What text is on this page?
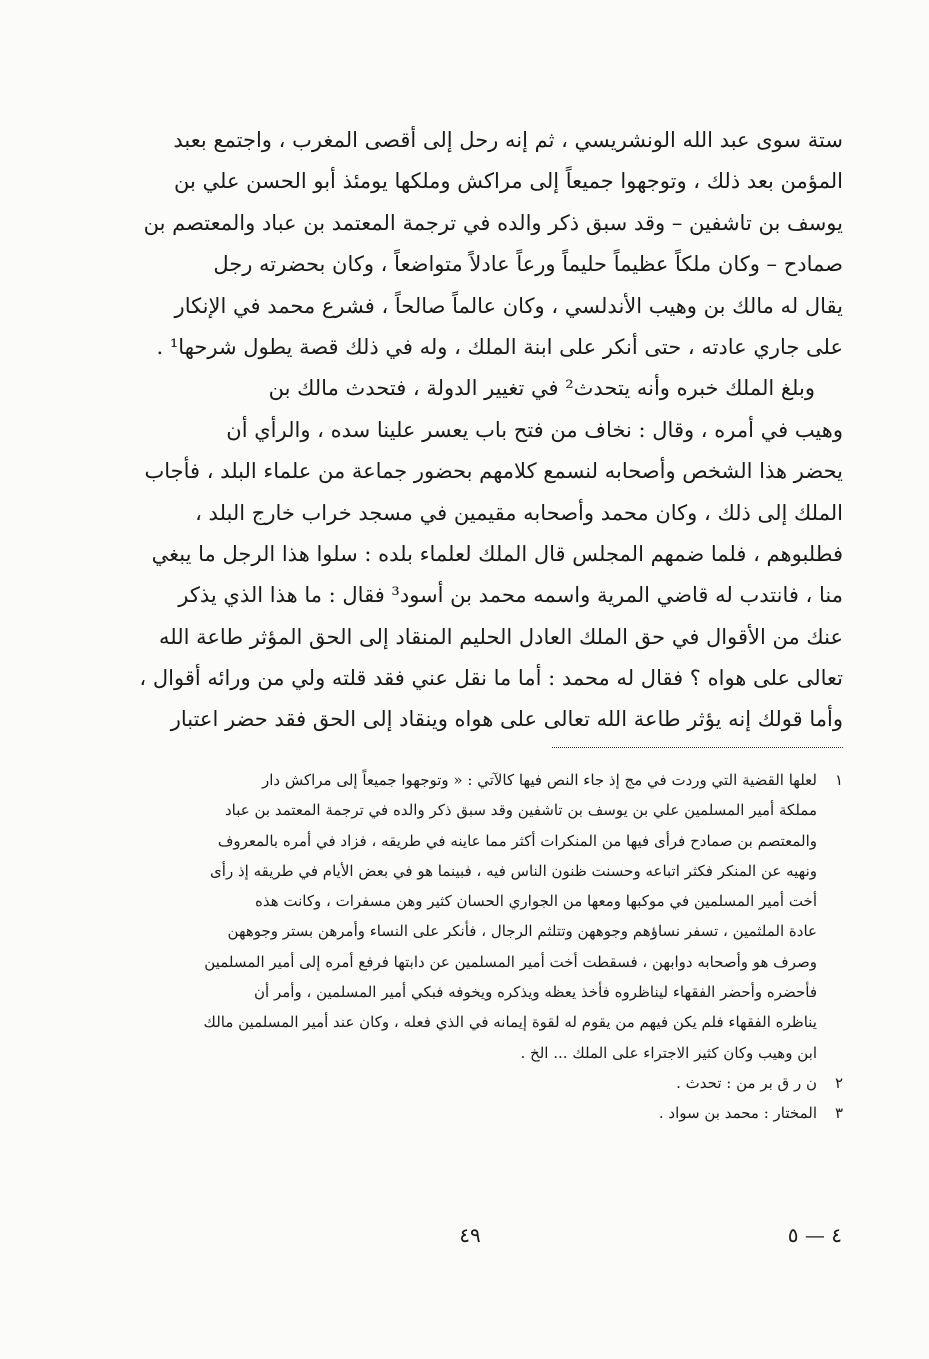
ستة سوى عبد الله الونشريسي ، ثم إنه رحل إلى أقصى المغرب ، واجتمع بعبد
المؤمن بعد ذلك ، وتوجهوا جميعاً إلى مراكش وملكها يومئذ أبو الحسن علي بن
يوسف بن تاشفين – وقد سبق ذكر والده في ترجمة المعتمد بن عباد والمعتصم بن
صمادح – وكان ملكاً عظيماً حليماً ورعاً عادلاً متواضعاً ، وكان بحضرته رجل
يقال له مالك بن وهيب الأندلسي ، وكان عالماً صالحاً ، فشرع محمد في الإنكار
على جاري عادته ، حتى أنكر على ابنة الملك ، وله في ذلك قصة يطول شرحها¹ .
وبلغ الملك خبره وأنه يتحدث² في تغيير الدولة ، فتحدث مالك بن
وهيب في أمره ، وقال : نخاف من فتح باب يعسر علينا سده ، والرأي أن
يحضر هذا الشخص وأصحابه لنسمع كلامهم بحضور جماعة من علماء البلد ، فأجاب
الملك إلى ذلك ، وكان محمد وأصحابه مقيمين في مسجد خراب خارج البلد ،
فطلبوهم ، فلما ضمهم المجلس قال الملك لعلماء بلده : سلوا هذا الرجل ما يبغي
منا ، فانتدب له قاضي المرية واسمه محمد بن أسود³ فقال : ما هذا الذي يذكر
عنك من الأقوال في حق الملك العادل الحليم المنقاد إلى الحق المؤثر طاعة الله
تعالى على هواه ؟ فقال له محمد : أما ما نقل عني فقد قلته ولي من ورائه أقوال ،
وأما قولك إنه يؤثر طاعة الله تعالى على هواه وينقاد إلى الحق فقد حضر اعتبار
١لعلها القضية التي وردت في مج إذ جاء النص فيها كالآتي : « وتوجهوا جميعاً إلى مراكش دار
مملكة أمير المسلمين علي بن يوسف بن تاشفين وقد سبق ذكر والده في ترجمة المعتمد بن عباد
والمعتصم بن صمادح فرأى فيها من المنكرات أكثر مما عاينه في طريقه ، فزاد في أمره بالمعروف
ونهيه عن المنكر فكثر اتباعه وحسنت ظنون الناس فيه ، فبينما هو في بعض الأيام في طريقه إذ رأى
أخت أمير المسلمين في موكبها ومعها من الجواري الحسان كثير وهن مسفرات ، وكانت هذه
عادة الملثمين ، تسفر نساؤهم وجوههن وتتلثم الرجال ، فأنكر على النساء وأمرهن بستر وجوههن
وصرف هو وأصحابه دوابهن ، فسقطت أخت أمير المسلمين عن دابتها فرفع أمره إلى أمير المسلمين
فأحضره وأحضر الفقهاء ليناظروه فأخذ يعظه ويذكره ويخوفه فبكي أمير المسلمين ، وأمر أن
يناظره الفقهاء فلم يكن فيهم من يقوم له لقوة إيمانه في الذي فعله ، وكان عند أمير المسلمين مالك
ابن وهيب وكان كثير الاجتراء على الملك ... الخ .
٢ن ر ق بر من : تحدث .
٣المختار : محمد بن سواد .
٤٩	٤ — ٥
